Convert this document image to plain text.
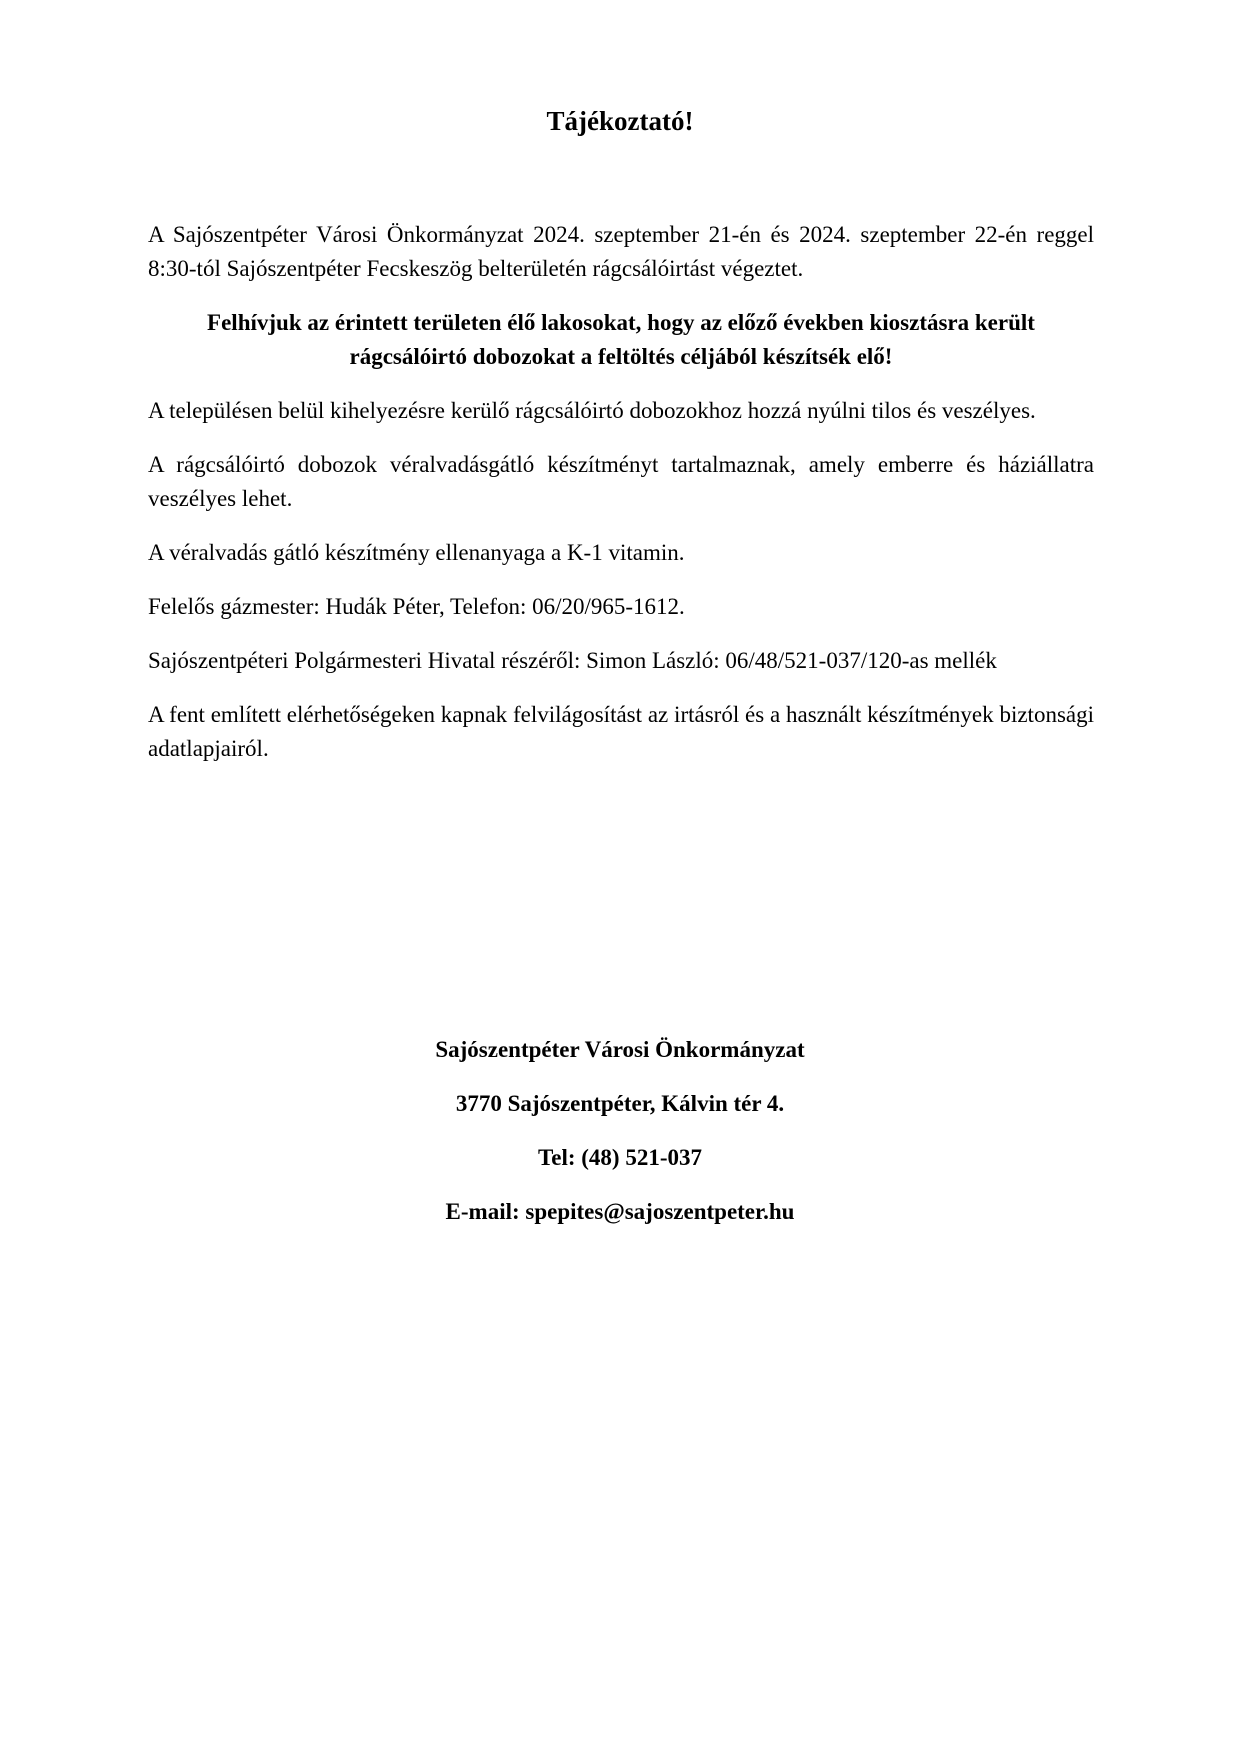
Tájékoztató!

A Sajószentpéter Városi Önkormányzat 2024. szeptember 21-én és 2024. szeptember 22-én reggel 8:30-tól Sajószentpéter Fecskeszög belterületén rágcsálóirtást végeztet.

Felhívjuk az érintett területen élő lakosokat, hogy az előző években kiosztásra került rágcsálóirtó dobozokat a feltöltés céljából készítsék elő!

A településen belül kihelyezésre kerülő rágcsálóirtó dobozokhoz hozzá nyúlni tilos és veszélyes.

A rágcsálóirtó dobozok véralvadásgátló készítményt tartalmaznak, amely emberre és háziállatra veszélyes lehet.

A véralvadás gátló készítmény ellenanyaga a K-1 vitamin.

Felelős gázmester: Hudák Péter, Telefon: 06/20/965-1612.

Sajószentpéteri Polgármesteri Hivatal részéről: Simon László: 06/48/521-037/120-as mellék

A fent említett elérhetőségeken kapnak felvilágosítást az irtásról és a használt készítmények biztonsági adatlapjairól.

Sajószentpéter Városi Önkormányzat
3770 Sajószentpéter, Kálvin tér 4.
Tel: (48) 521-037
E-mail: spepites@sajoszentpeter.hu
